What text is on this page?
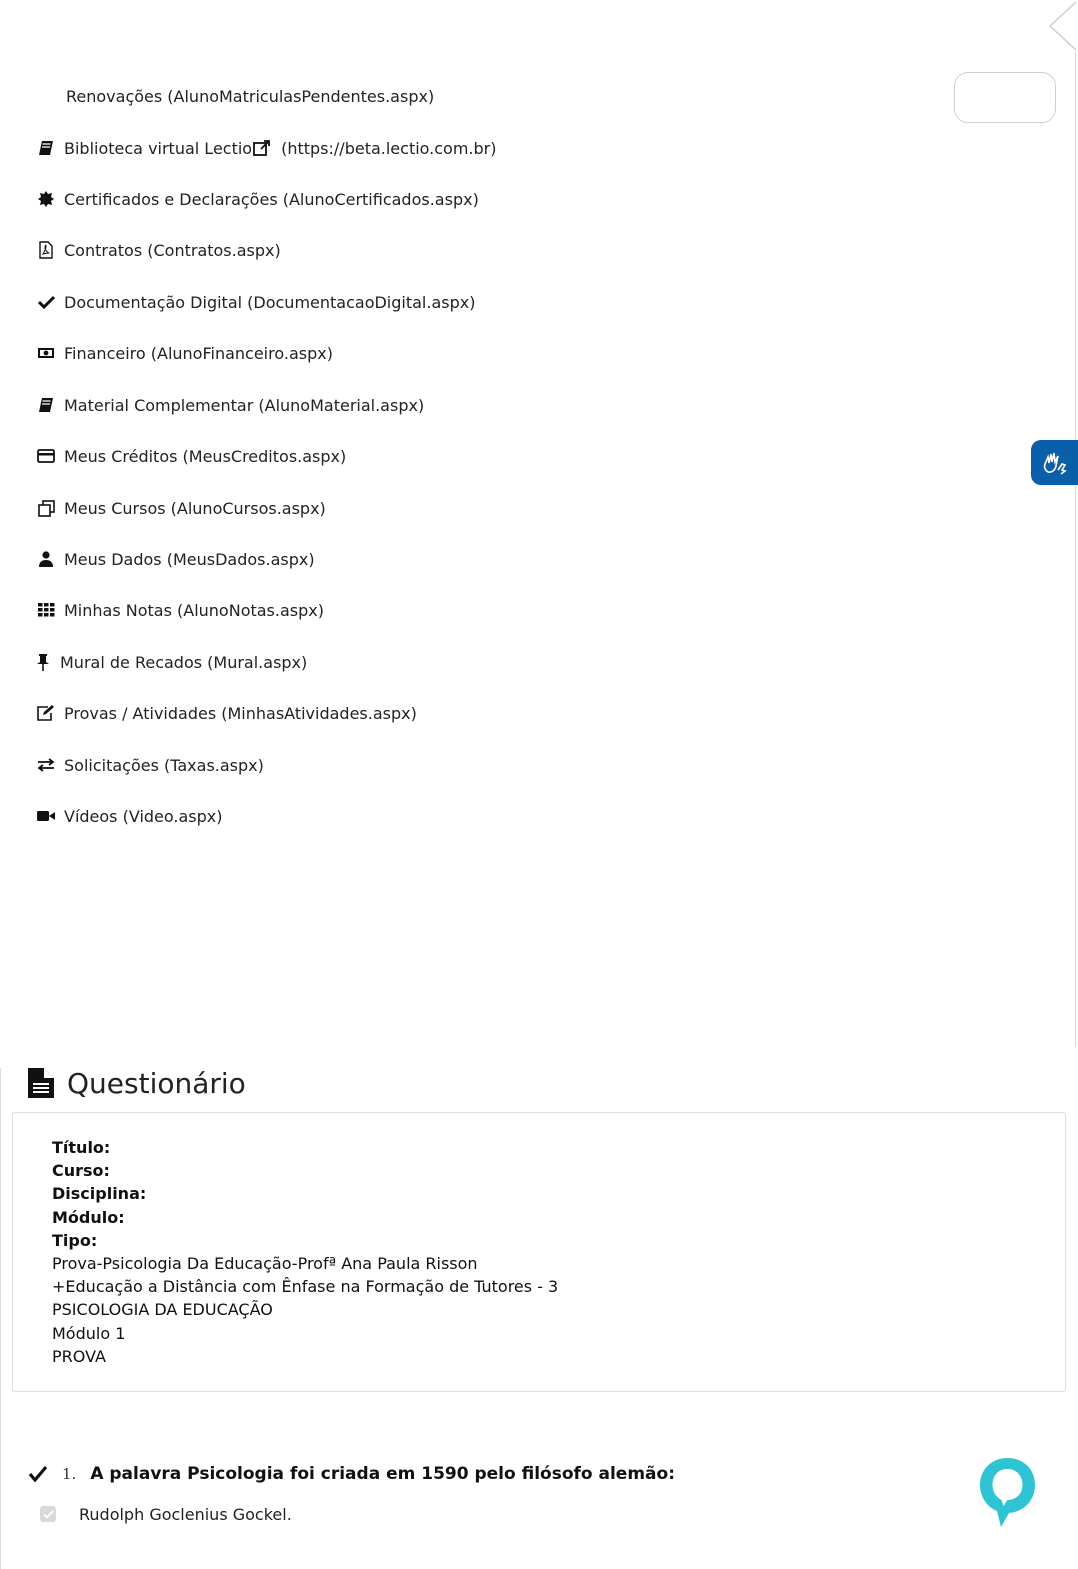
Renovações (AlunoMatriculasPendentes.aspx)
Biblioteca virtual Lectio (https://beta.lectio.com.br)
Certificados e Declarações (AlunoCertificados.aspx)
Contratos (Contratos.aspx)
Documentação Digital (DocumentacaoDigital.aspx)
Financeiro (AlunoFinanceiro.aspx)
Material Complementar (AlunoMaterial.aspx)
Meus Créditos (MeusCreditos.aspx)
Meus Cursos (AlunoCursos.aspx)
Meus Dados (MeusDados.aspx)
Minhas Notas (AlunoNotas.aspx)
Mural de Recados (Mural.aspx)
Provas / Atividades (MinhasAtividades.aspx)
Solicitações (Taxas.aspx)
Vídeos (Video.aspx)
Questionário
Título:
Curso:
Disciplina:
Módulo:
Tipo:
Prova-Psicologia Da Educação-Profª Ana Paula Risson
+Educação a Distância com Ênfase na Formação de Tutores - 3
PSICOLOGIA DA EDUCAÇÃO
Módulo 1
PROVA
1. A palavra Psicologia foi criada em 1590 pelo filósofo alemão:
Rudolph Goclenius Gockel.
